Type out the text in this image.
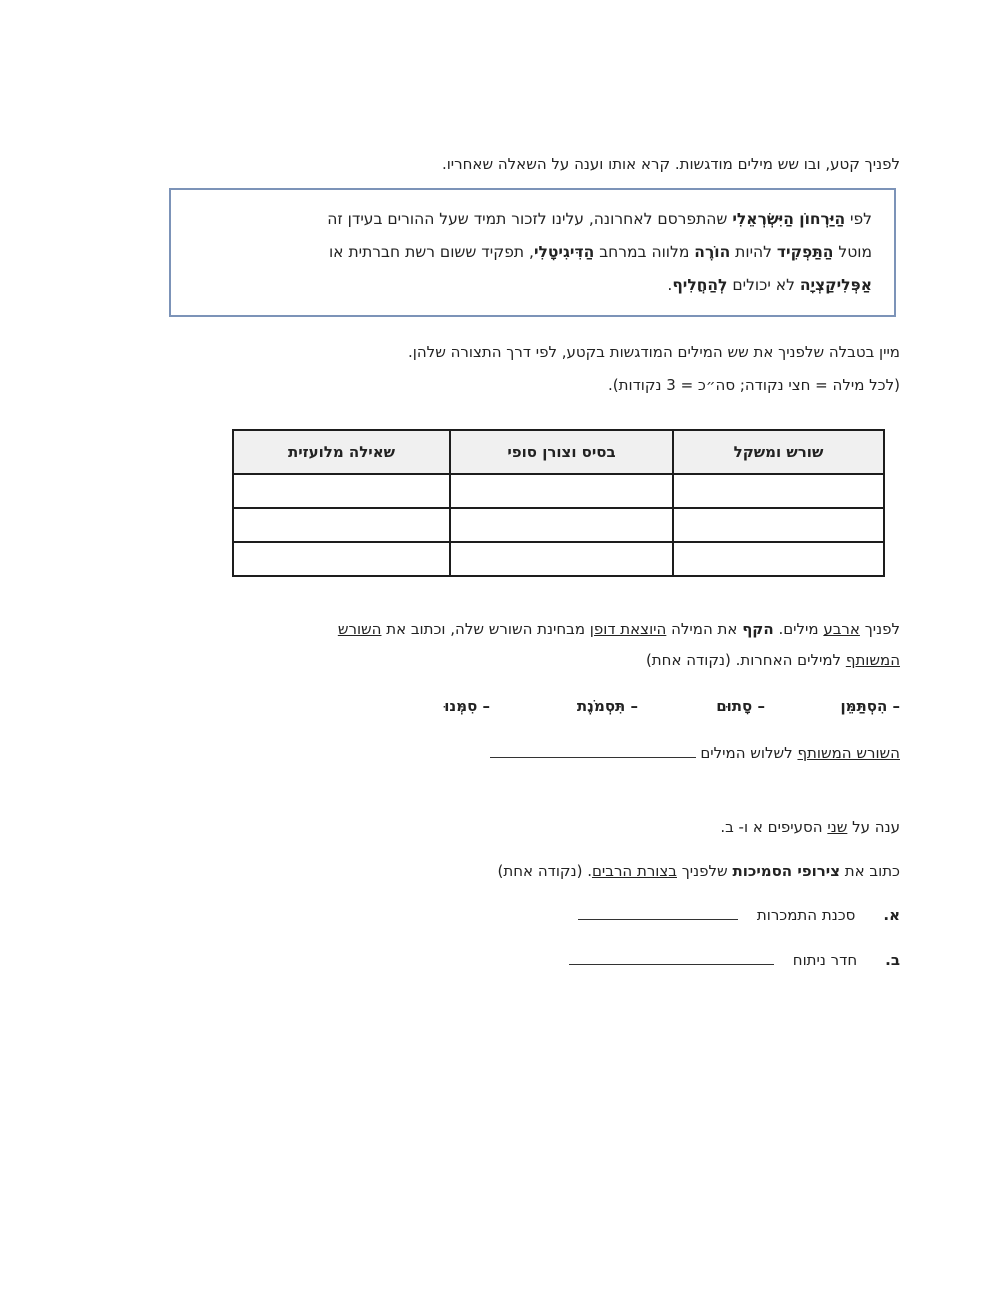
לפניך קטע, ובו שש מילים מודגשות. קרא אותו וענה על השאלה שאחריו.
לפי הַיַּרְחוֹן הַיִּשְׂרְאֵלִי שהתפרסם לאחרונה, עלינו לזכור תמיד שעל ההורים בעידן זה
מוטל הַתַּפְקִיד להיות הוֹרֶה מלווה במרחב הַדִּיגִיטָלִי, תפקיד ששום רשת חברתית או
אַפְּלִיקַצְיָה לא יכולים לְהַחֲלִיף.
מיין בטבלה שלפניך את שש המילים המודגשות בקטע, לפי דרך התצורה שלהן.
(לכל מילה = חצי נקודה; סה״כ = 3 נקודות).
שורש ומשקל	בסיס וצורן סופי	שאילה מלועזית

לפניך ארבע מילים. הקף את המילה היוצאת דופן מבחינת השורש שלה, וכתוב את השורש
המשותף למילים האחרות. (נקודה אחת)
– הִסְתַּמֵּן
– סָתוּם
– תִּסְמֹנֶת
– סִמְּנוּ
השורש המשותף לשלוש המילים
ענה על שני הסעיפים א ו- ב.
כתוב את צירופי הסמיכות שלפניך בצורת הרבים. (נקודה אחת)
א.סכנת התמכרות
ב.חדר ניתוח
